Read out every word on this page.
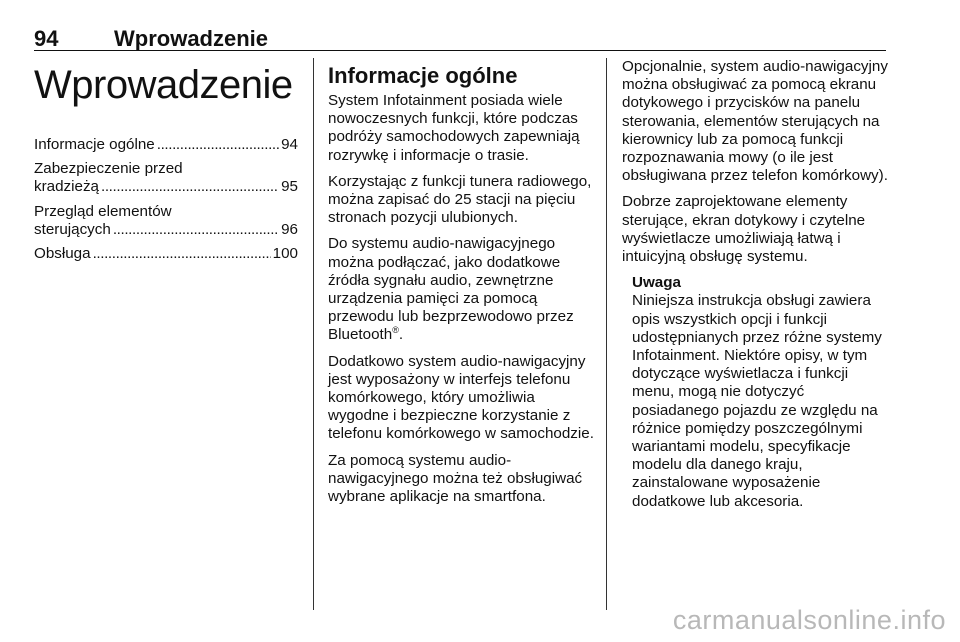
94	Wprowadzenie
Wprowadzenie
Informacje ogólne . . .	94
Zabezpieczenie przed
kradzieżą . . .	95
Przegląd elementów
sterujących . . .	96
Obsługa . . .	100
Informacje ogólne

System Infotainment posiada wiele nowoczesnych funkcji, które podczas podróży samochodowych zapewniają rozrywkę i informacje o trasie.

Korzystając z funkcji tunera radiowego, można zapisać do 25 stacji na pięciu stronach pozycji ulubionych.

Do systemu audio-nawigacyjnego można podłączać, jako dodatkowe źródła sygnału audio, zewnętrzne urządzenia pamięci za pomocą przewodu lub bezprzewodowo przez Bluetooth®.

Dodatkowo system audio-nawigacyjny jest wyposażony w interfejs telefonu komórkowego, który umożliwia wygodne i bezpieczne korzystanie z telefonu komórkowego w samochodzie.

Za pomocą systemu audio-nawigacyjnego można też obsługiwać wybrane aplikacje na smartfona.

Opcjonalnie, system audio-nawigacyjny można obsługiwać za pomocą ekranu dotykowego i przycisków na panelu sterowania, elementów sterujących na kierownicy lub za pomocą funkcji rozpoznawania mowy (o ile jest obsługiwana przez telefon komórkowy).

Dobrze zaprojektowane elementy sterujące, ekran dotykowy i czytelne wyświetlacze umożliwiają łatwą i intuicyjną obsługę systemu.

Uwaga
Niniejsza instrukcja obsługi zawiera opis wszystkich opcji i funkcji udostępnianych przez różne systemy Infotainment. Niektóre opisy, w tym dotyczące wyświetlacza i funkcji menu, mogą nie dotyczyć posiadanego pojazdu ze względu na różnice pomiędzy poszczególnymi wariantami modelu, specyfikacje modelu dla danego kraju, zainstalowane wyposażenie dodatkowe lub akcesoria.
carmanualsonline.info
